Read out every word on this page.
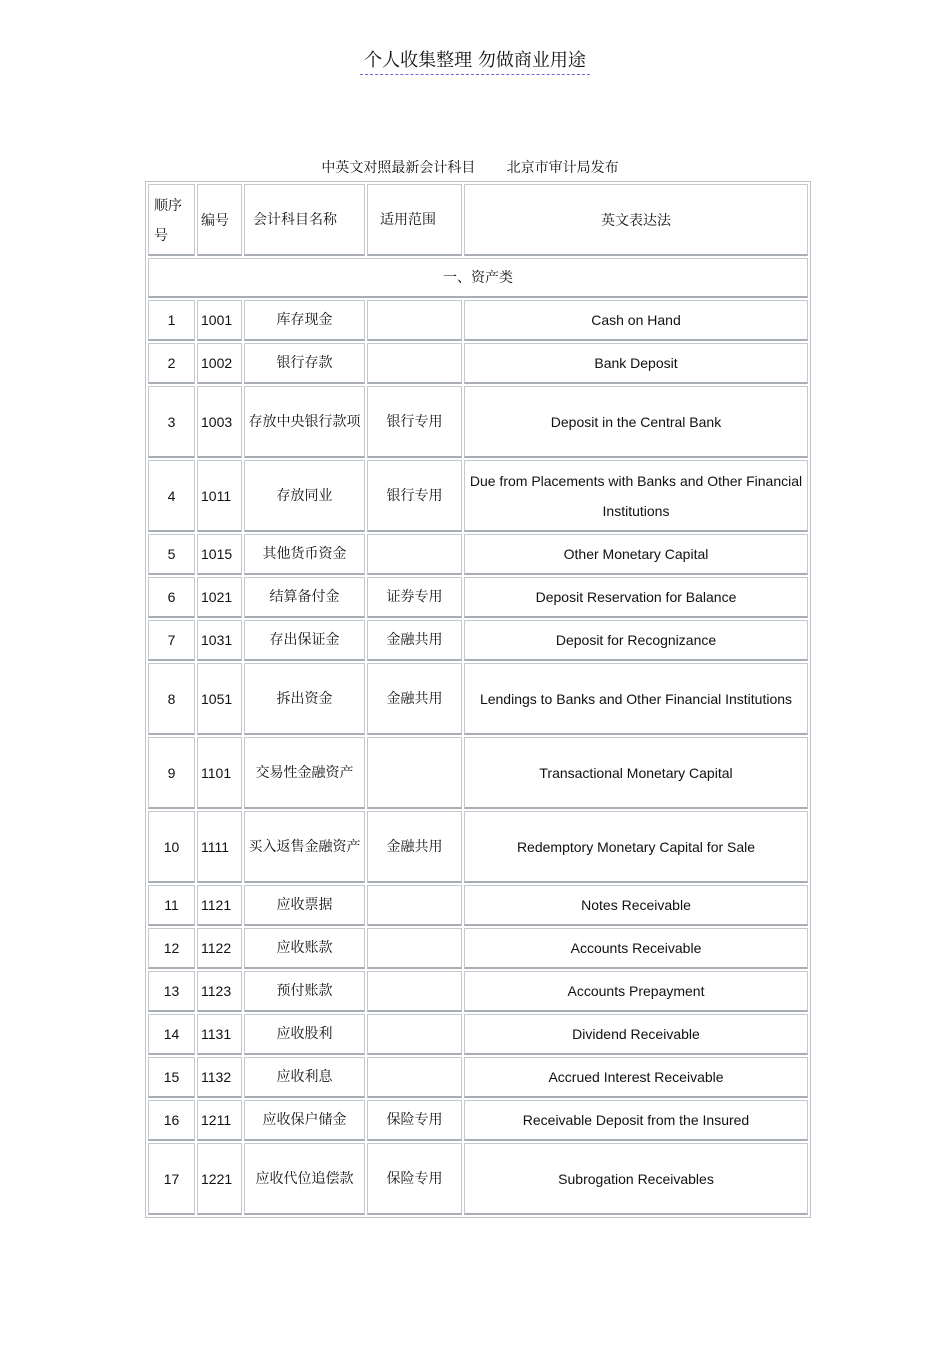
个人收集整理 勿做商业用途
中英文对照最新会计科目       北京市审计局发布
顺序号	编号	会计科目名称	适用范围	英文表达法
一、资产类				
1	1001	库存现金		Cash on Hand
2	1002	银行存款		Bank Deposit
3	1003	存放中央银行款项	银行专用	Deposit in the Central Bank
4	1011	存放同业	银行专用	Due from Placements with Banks and Other Financial Institutions
5	1015	其他货币资金		Other Monetary Capital
6	1021	结算备付金	证券专用	Deposit Reservation for Balance
7	1031	存出保证金	金融共用	Deposit for Recognizance
8	1051	拆出资金	金融共用	Lendings to Banks and Other Financial Institutions
9	1101	交易性金融资产		Transactional Monetary Capital
10	1111	买入返售金融资产	金融共用	Redemptory Monetary Capital for Sale
11	1121	应收票据		Notes Receivable
12	1122	应收账款		Accounts Receivable
13	1123	预付账款		Accounts Prepayment
14	1131	应收股利		Dividend Receivable
15	1132	应收利息		Accrued Interest Receivable
16	1211	应收保户储金	保险专用	Receivable Deposit from the Insured
17	1221	应收代位追偿款	保险专用	Subrogation Receivables
